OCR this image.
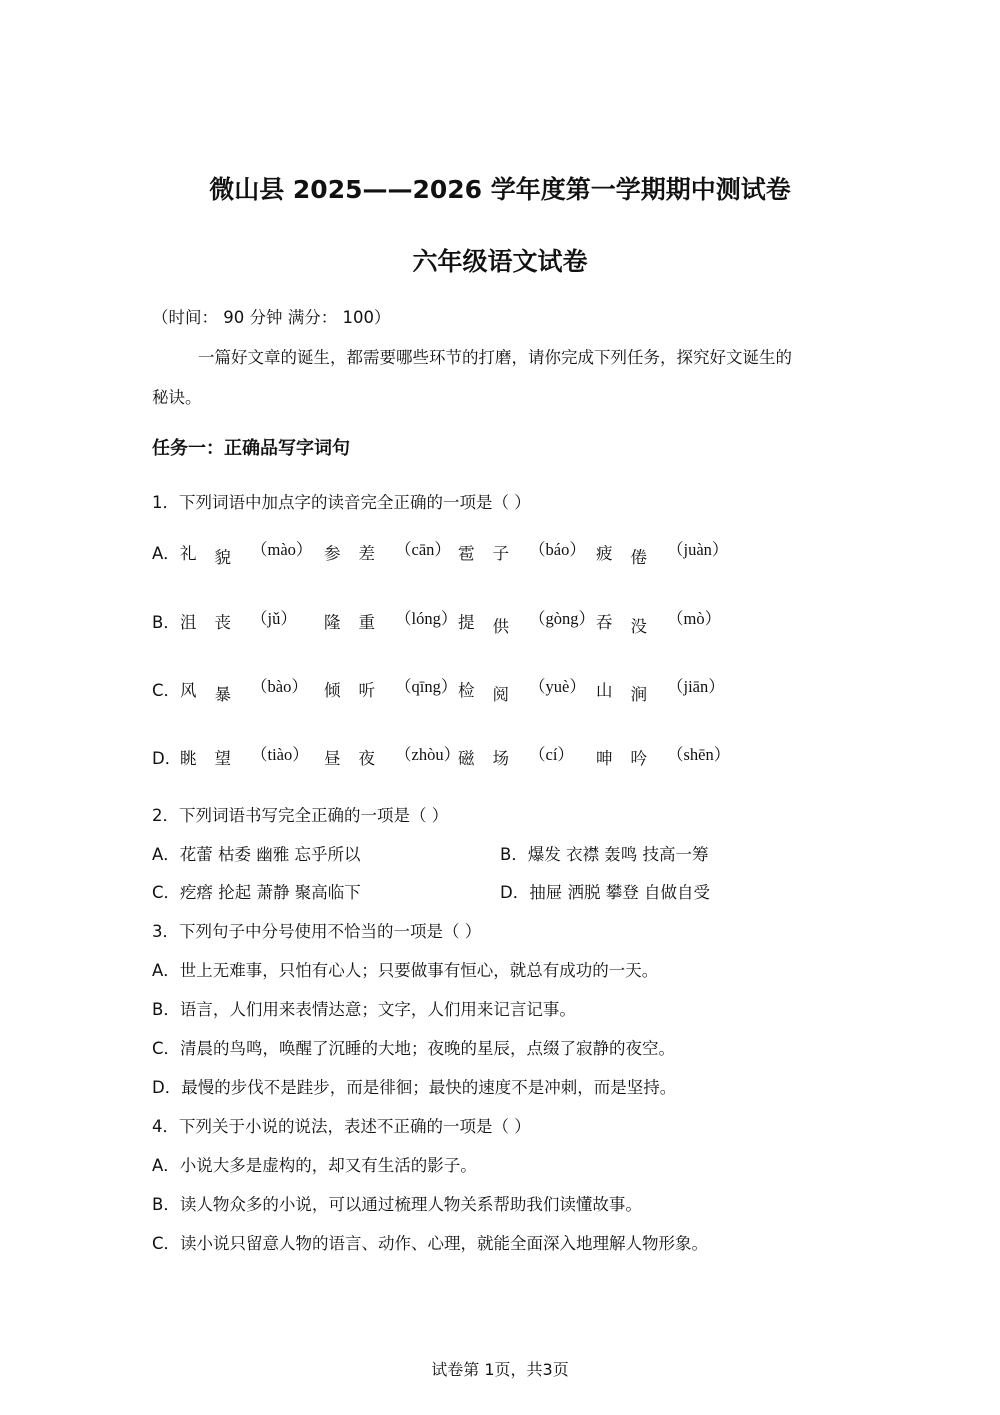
微山县 2025——2026 学年度第一学期期中测试卷
六年级语文试卷
（时间： 90 分钟 满分： 100）
一篇好文章的诞生，都需要哪些环节的打磨，请你完成下列任务，探究好文诞生的
秘诀。
任务一：正确品写字词句
1．下列词语中加点字的读音完全正确的一项是（ ）
A． 礼 貌 （mào） 参 差 （cān） 雹 子 （báo） 疲 倦 （juàn）
B． 沮 丧 （jǔ） 隆 重 （lóng） 提 供 （gòng） 吞 没 （mò）
C． 风 暴 （bào） 倾 听 （qīng） 检 阅 （yuè） 山 涧 （jiān）
D．
眺 望 （tiào） 昼 夜 （zhòu）
磁 场 （cí） 呻 吟 （shēn）
2．下列词语书写完全正确的一项是（ ）
A．花蕾 枯委 幽雅 忘乎所以	B．爆发 衣襟 轰鸣 技高一筹
C．疙瘩 抡起 萧静 聚高临下	D．抽屉 洒脱 攀登 自做自受
3．下列句子中分号使用不恰当的一项是（ ）
A．世上无难事，只怕有心人；只要做事有恒心，就总有成功的一天。
B．语言，人们用来表情达意；文字，人们用来记言记事。
C．清晨的鸟鸣，唤醒了沉睡的大地；夜晚的星辰，点缀了寂静的夜空。
D．最慢的步伐不是跬步，而是徘徊；最快的速度不是冲刺，而是坚持。
4．下列关于小说的说法，表述不正确的一项是（ ）
A．小说大多是虚构的，却又有生活的影子。
B．读人物众多的小说，可以通过梳理人物关系帮助我们读懂故事。
C．读小说只留意人物的语言、动作、心理，就能全面深入地理解人物形象。
试卷第 1页，共3页
